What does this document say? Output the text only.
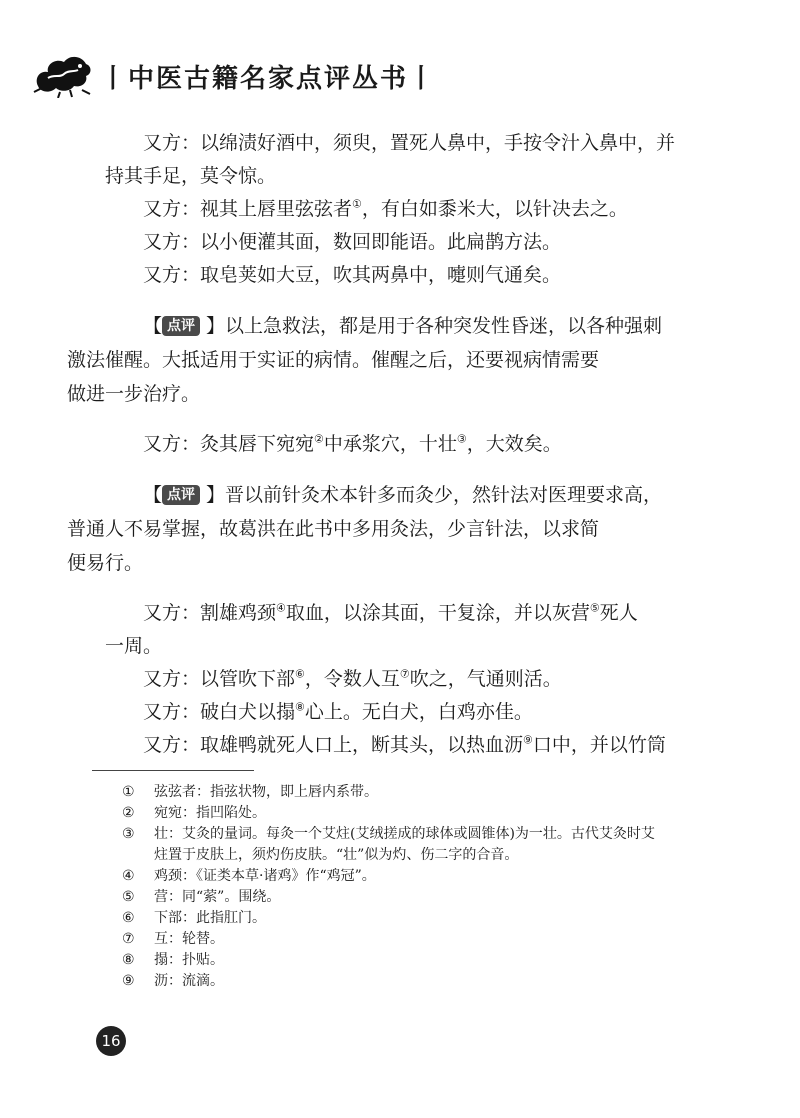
丨中医古籍名家点评丛书丨

又方：以绵渍好酒中，须臾，置死人鼻中，手按令汁入鼻中，并

持其手足，莫令惊。

又方：视其上唇里弦弦者①，有白如黍米大，以针决去之。

又方：以小便灌其面，数回即能语。此扁鹊方法。

又方：取皂荚如大豆，吹其两鼻中，嚏则气通矣。

【 点评 】 以上急救法，都是用于各种突发性昏迷，以各种强刺
激法催醒。大抵适用于实证的病情。催醒之后，还要视病情需要
做进一步治疗。

又方：灸其唇下宛宛②中承浆穴，十壮③，大效矣。

【 点评 】 晋以前针灸术本针多而灸少，然针法对医理要求高，
普通人不易掌握，故葛洪在此书中多用灸法，少言针法，以求简
便易行。

又方：割雄鸡颈④取血，以涂其面，干复涂，并以灰营⑤死人

一周。

又方：以管吹下部⑥，令数人互⑦吹之，气通则活。

又方：破白犬以搨⑧心上。无白犬，白鸡亦佳。

又方：取雄鸭就死人口上，断其头，以热血沥⑨口中，并以竹筒

①	弦弦者：指弦状物，即上唇内系带。
②	宛宛：指凹陷处。
③	壮：艾灸的量词。每灸一个艾炷(艾绒搓成的球体或圆锥体)为一壮。古代艾灸时艾
炷置于皮肤上，须灼伤皮肤。“壮”似为灼、伤二字的合音。
④	鸡颈：《证类本草·诸鸡》作“鸡冠”。
⑤	营：同“萦”。围绕。
⑥	下部：此指肛门。
⑦	互：轮替。
⑧	搨：扑贴。
⑨	沥：流滴。
16
